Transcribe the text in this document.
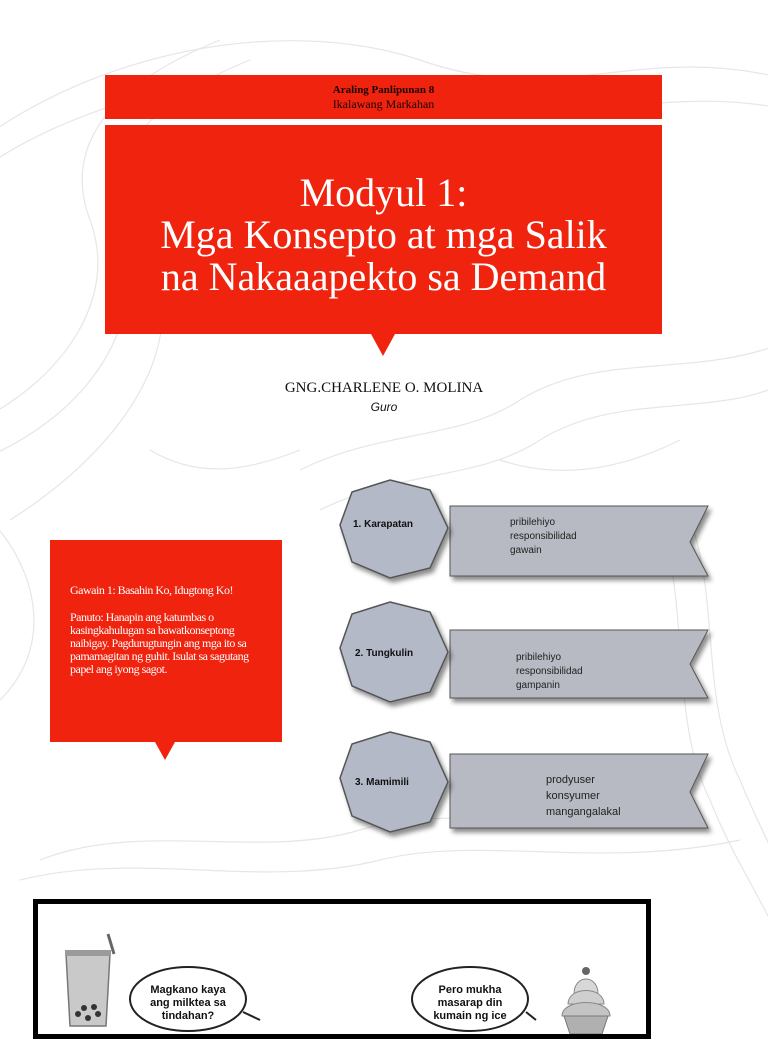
Araling Panlipunan 8
Ikalawang Markahan
Modyul 1:
Mga Konsepto at mga Salik
na Nakaaapekto sa Demand
GNG.CHARLENE O. MOLINA
Guro
Gawain 1: Basahin Ko, Idugtong Ko!
Panuto: Hanapin ang katumbas o kasingkahulugan sa bawatkonseptong naibigay. Pagdurugtungin ang mga ito sa pamamagitan ng guhit. Isulat sa sagutang papel ang iyong sagot.
1. Karapatan	pribilehiyo
responsibilidad
gawain
2. Tungkulin	pribilehiyo
responsibilidad
gampanin
3. Mamimili	prodyuser
konsyumer
mangangalakal
Magkano kaya
ang milktea sa
tindahan?
Pero mukha
masarap din
kumain ng ice
